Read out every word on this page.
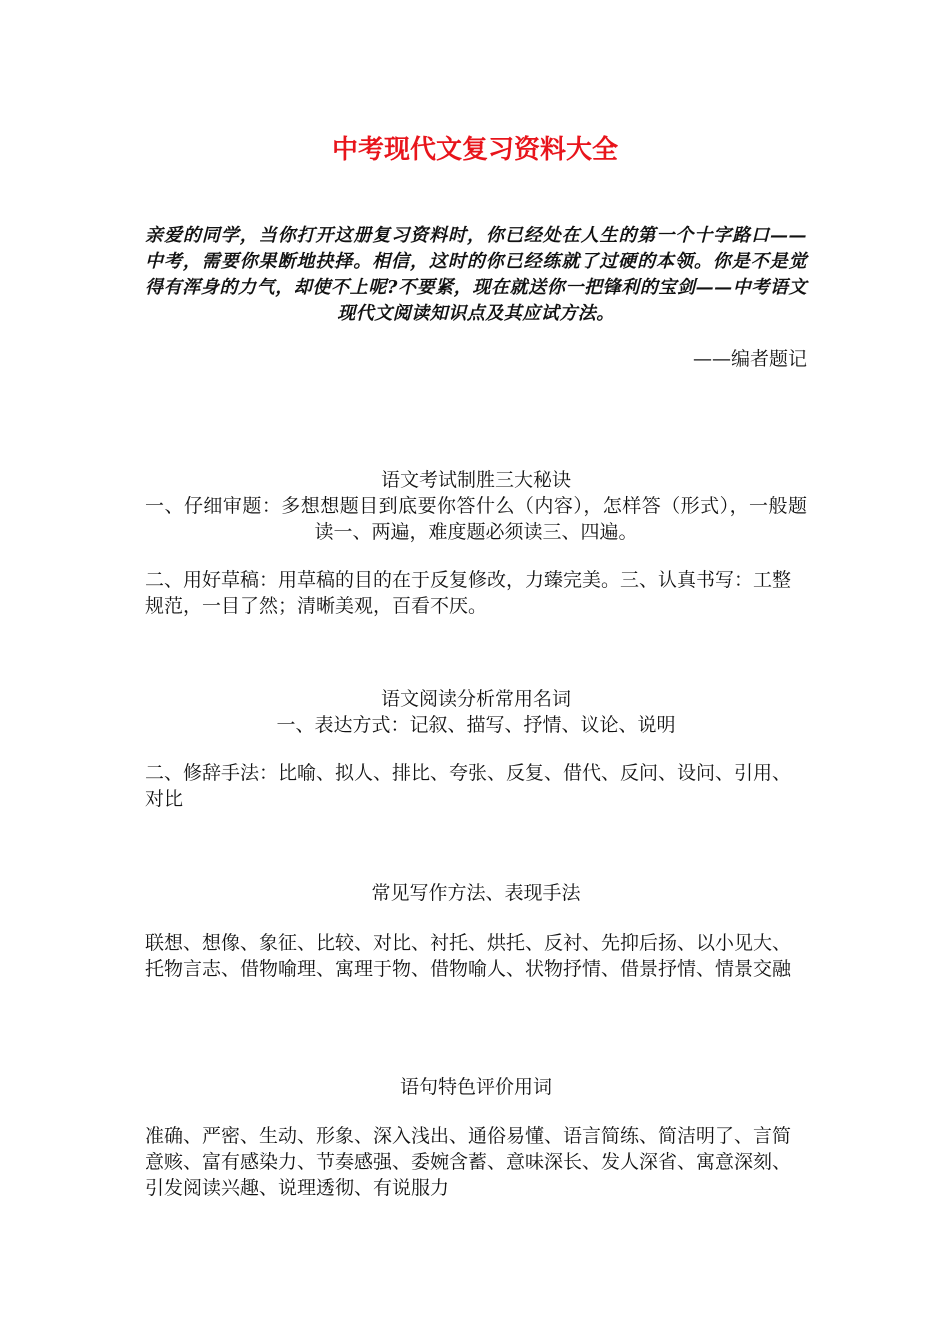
中考现代文复习资料大全

亲爱的同学，当你打开这册复习资料时，你已经处在人生的第一个十字路口——中考，需要你果断地抉择。相信，这时的你已经练就了过硬的本领。你是不是觉得有浑身的力气，却使不上呢?不要紧，现在就送你一把锋利的宝剑——中考语文现代文阅读知识点及其应试方法。

——编者题记

语文考试制胜三大秘诀

一、仔细审题：多想想题目到底要你答什么（内容），怎样答（形式），一般题读一、两遍，难度题必须读三、四遍。

二、用好草稿：用草稿的目的在于反复修改，力臻完美。三、认真书写：工整规范，一目了然；清晰美观，百看不厌。

语文阅读分析常用名词

一、表达方式：记叙、描写、抒情、议论、说明

二、修辞手法：比喻、拟人、排比、夸张、反复、借代、反问、设问、引用、对比

常见写作方法、表现手法

联想、想像、象征、比较、对比、衬托、烘托、反衬、先抑后扬、以小见大、托物言志、借物喻理、寓理于物、借物喻人、状物抒情、借景抒情、情景交融

语句特色评价用词

准确、严密、生动、形象、深入浅出、通俗易懂、语言简练、简洁明了、言简意赅、富有感染力、节奏感强、委婉含蓄、意味深长、发人深省、寓意深刻、引发阅读兴趣、说理透彻、有说服力
